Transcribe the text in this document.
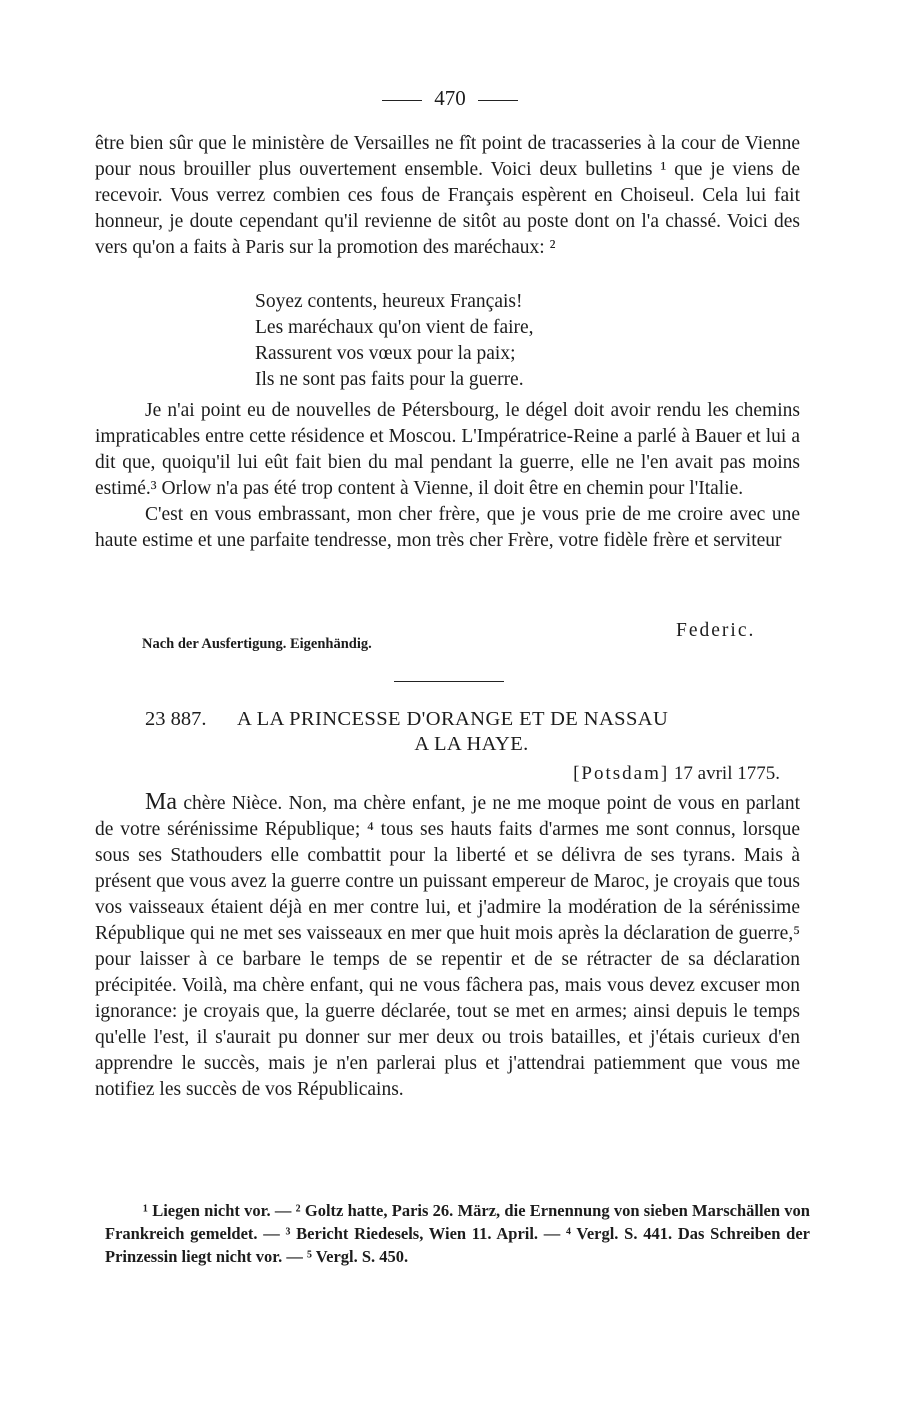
470

être bien sûr que le ministère de Versailles ne fît point de tracasseries à la cour de Vienne pour nous brouiller plus ouvertement ensemble. Voici deux bulletins ¹ que je viens de recevoir. Vous verrez combien ces fous de Français espèrent en Choiseul. Cela lui fait honneur, je doute cependant qu'il revienne de sitôt au poste dont on l'a chassé. Voici des vers qu'on a faits à Paris sur la promotion des maréchaux: ²

Soyez contents, heureux Français!
Les maréchaux qu'on vient de faire,
Rassurent vos vœux pour la paix;
Ils ne sont pas faits pour la guerre.

Je n'ai point eu de nouvelles de Pétersbourg, le dégel doit avoir rendu les chemins impraticables entre cette résidence et Moscou. L'Impératrice-Reine a parlé à Bauer et lui a dit que, quoiqu'il lui eût fait bien du mal pendant la guerre, elle ne l'en avait pas moins estimé.³ Orlow n'a pas été trop content à Vienne, il doit être en chemin pour l'Italie.

C'est en vous embrassant, mon cher frère, que je vous prie de me croire avec une haute estime et une parfaite tendresse, mon très cher Frère, votre fidèle frère et serviteur

Federic.
Nach der Ausfertigung. Eigenhändig.
23 887. A LA PRINCESSE D'ORANGE ET DE NASSAU
A LA HAYE.
[Potsdam] 17 avril 1775.

Ma chère Nièce. Non, ma chère enfant, je ne me moque point de vous en parlant de votre sérénissime République; ⁴ tous ses hauts faits d'armes me sont connus, lorsque sous ses Stathouders elle combattit pour la liberté et se délivra de ses tyrans. Mais à présent que vous avez la guerre contre un puissant empereur de Maroc, je croyais que tous vos vaisseaux étaient déjà en mer contre lui, et j'admire la modération de la sérénissime République qui ne met ses vaisseaux en mer que huit mois après la déclaration de guerre,⁵ pour laisser à ce barbare le temps de se repentir et de se rétracter de sa déclaration précipitée. Voilà, ma chère enfant, qui ne vous fâchera pas, mais vous devez excuser mon ignorance: je croyais que, la guerre déclarée, tout se met en armes; ainsi depuis le temps qu'elle l'est, il s'aurait pu donner sur mer deux ou trois batailles, et j'étais curieux d'en apprendre le succès, mais je n'en parlerai plus et j'attendrai patiemment que vous me notifiez les succès de vos Républicains.

¹ Liegen nicht vor. — ² Goltz hatte, Paris 26. März, die Ernennung von sieben Marschällen von Frankreich gemeldet. — ³ Bericht Riedesels, Wien 11. April. — ⁴ Vergl. S. 441. Das Schreiben der Prinzessin liegt nicht vor. — ⁵ Vergl. S. 450.
